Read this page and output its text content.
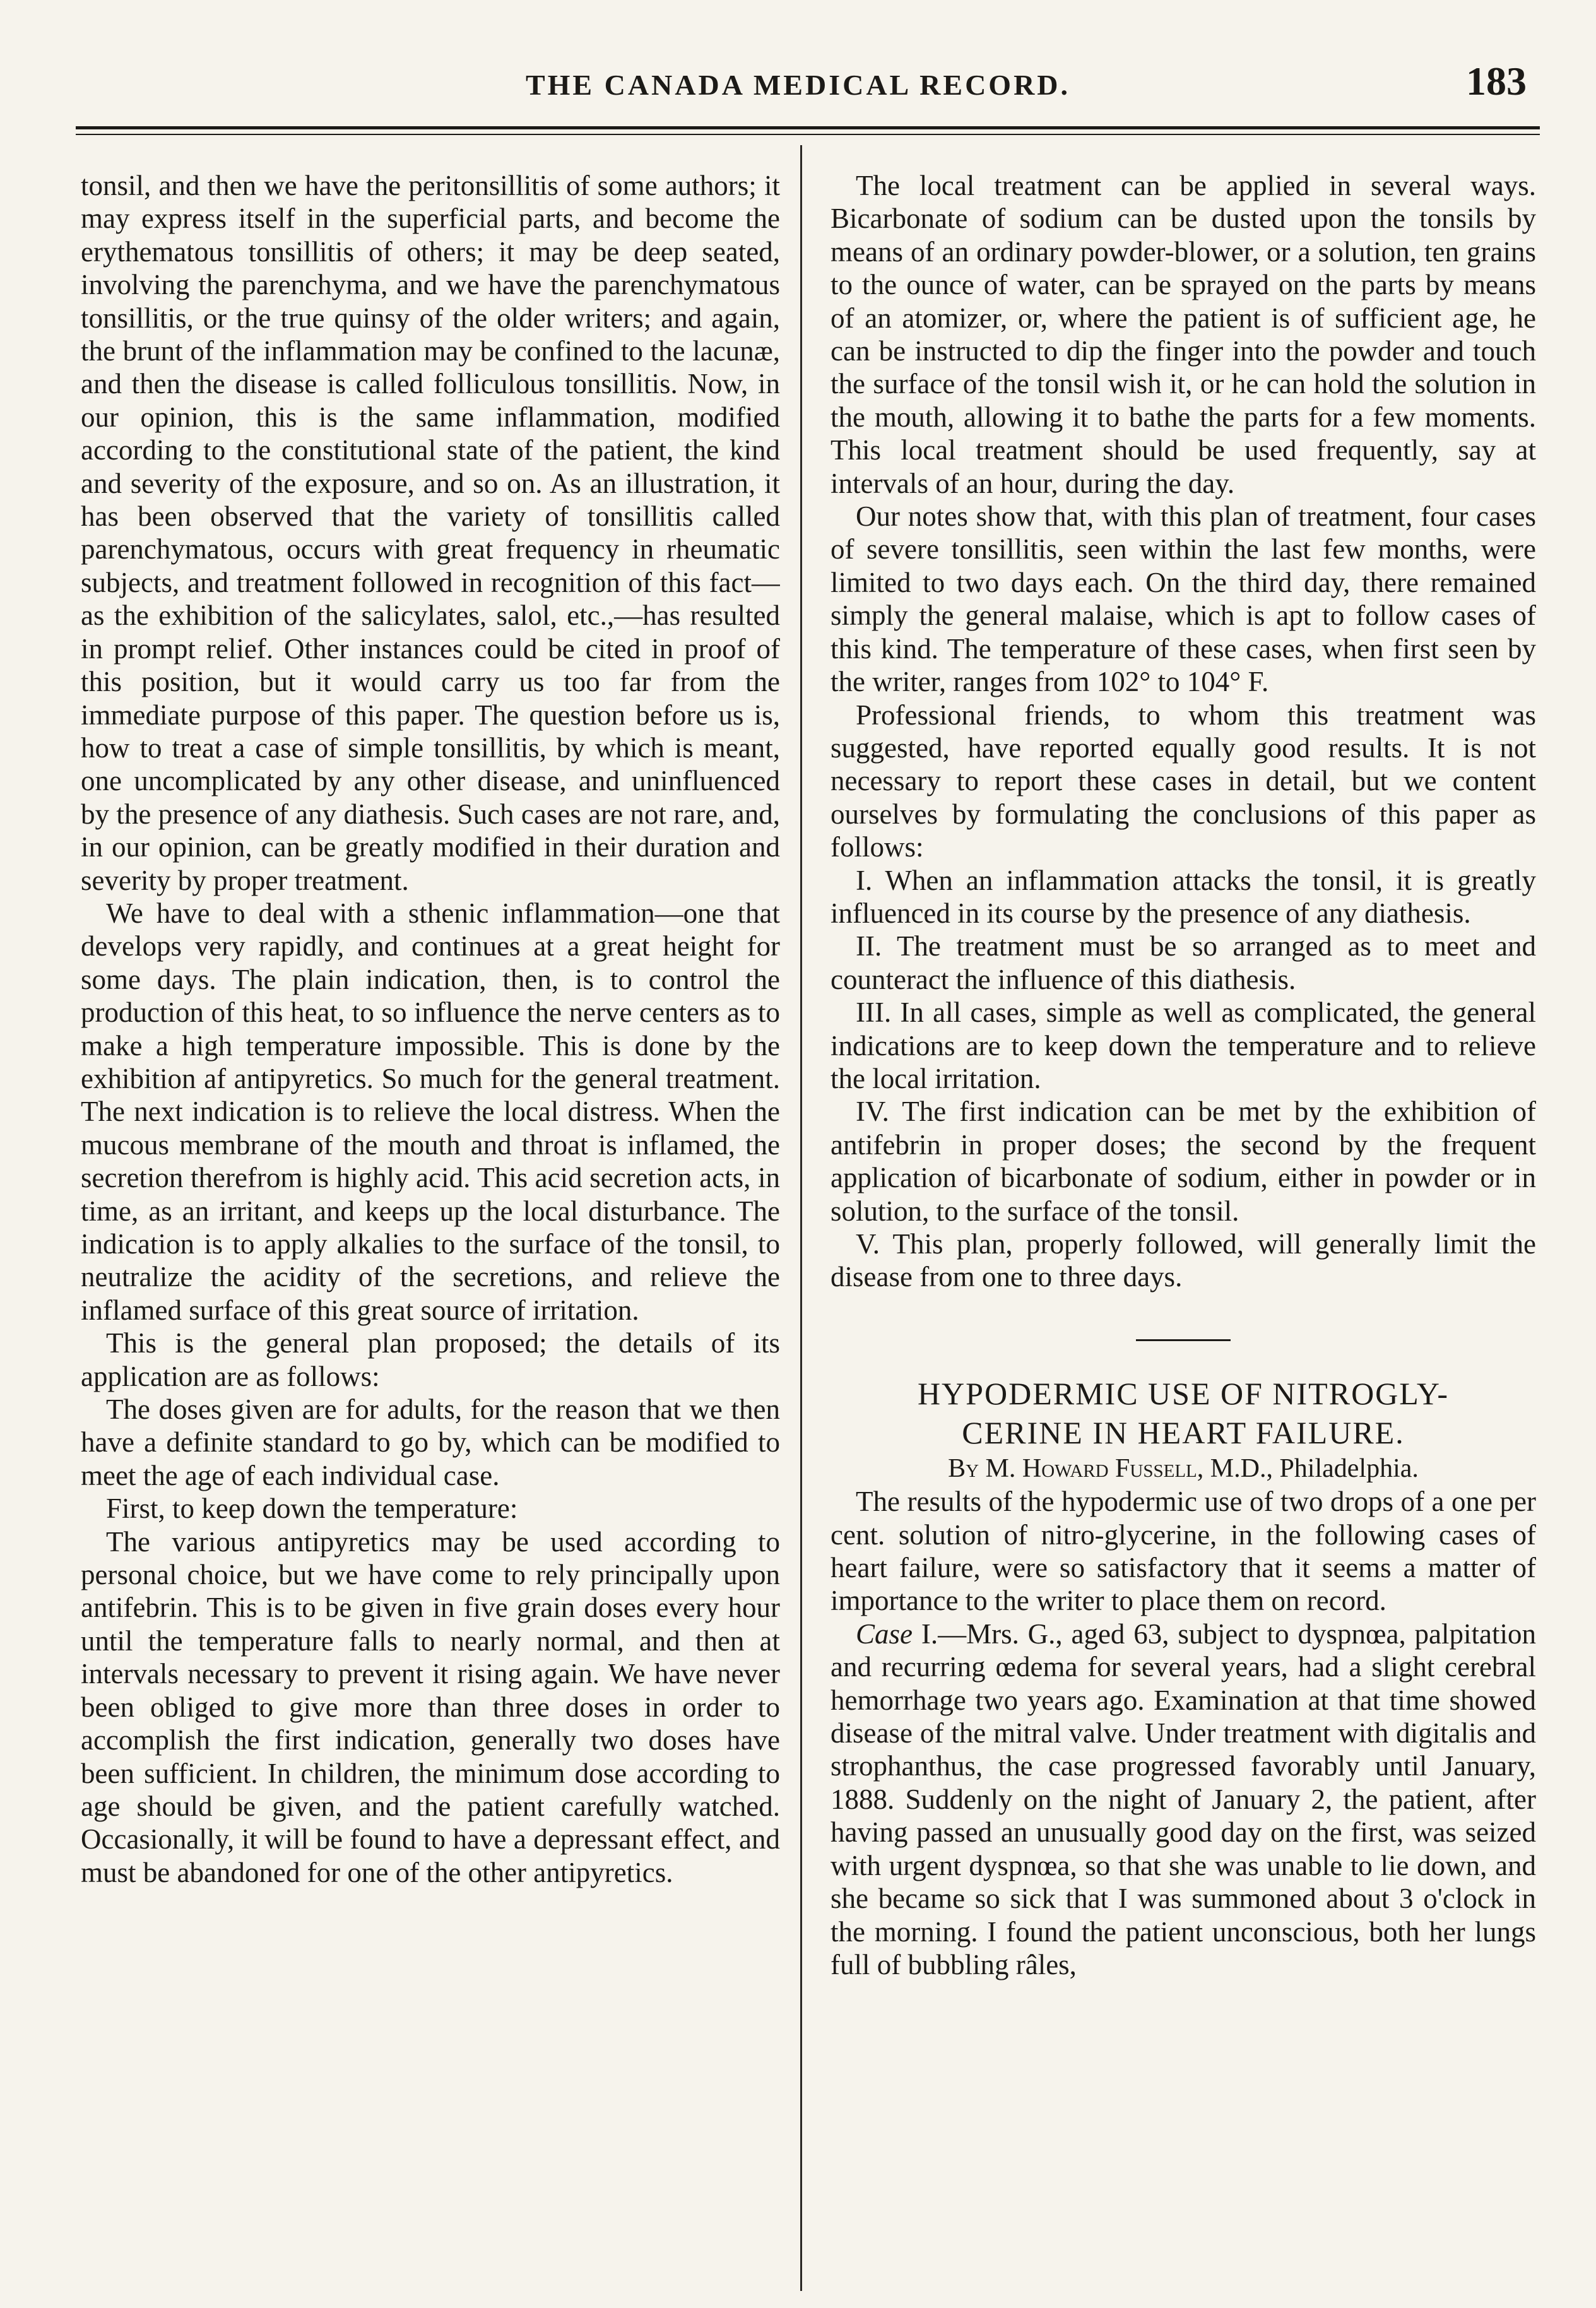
THE CANADA MEDICAL RECORD.	183

tonsil, and then we have the peritonsillitis of some authors; it may express itself in the superficial parts, and become the erythematous tonsillitis of others; it may be deep seated, involving the parenchyma, and we have the parenchymatous tonsillitis, or the true quinsy of the older writers; and again, the brunt of the inflammation may be confined to the lacunæ, and then the disease is called folliculous tonsillitis. Now, in our opinion, this is the same inflammation, modified according to the constitutional state of the patient, the kind and severity of the exposure, and so on. As an illustration, it has been observed that the variety of tonsillitis called parenchymatous, occurs with great frequency in rheumatic subjects, and treatment followed in recognition of this fact—as the exhibition of the salicylates, salol, etc.,—has resulted in prompt relief. Other instances could be cited in proof of this position, but it would carry us too far from the immediate purpose of this paper. The question before us is, how to treat a case of simple tonsillitis, by which is meant, one uncomplicated by any other disease, and uninfluenced by the presence of any diathesis. Such cases are not rare, and, in our opinion, can be greatly modified in their duration and severity by proper treatment.

We have to deal with a sthenic inflammation—one that develops very rapidly, and continues at a great height for some days. The plain indication, then, is to control the production of this heat, to so influence the nerve centers as to make a high temperature impossible. This is done by the exhibition af antipyretics. So much for the general treatment. The next indication is to relieve the local distress. When the mucous membrane of the mouth and throat is inflamed, the secretion therefrom is highly acid. This acid secretion acts, in time, as an irritant, and keeps up the local disturbance. The indication is to apply alkalies to the surface of the tonsil, to neutralize the acidity of the secretions, and relieve the inflamed surface of this great source of irritation.

This is the general plan proposed; the details of its application are as follows:

The doses given are for adults, for the reason that we then have a definite standard to go by, which can be modified to meet the age of each individual case.

First, to keep down the temperature:

The various antipyretics may be used according to personal choice, but we have come to rely principally upon antifebrin. This is to be given in five grain doses every hour until the temperature falls to nearly normal, and then at intervals necessary to prevent it rising again. We have never been obliged to give more than three doses in order to accomplish the first indication, generally two doses have been sufficient. In children, the minimum dose according to age should be given, and the patient carefully watched. Occasionally, it will be found to have a depressant effect, and must be abandoned for one of the other antipyretics.

The local treatment can be applied in several ways. Bicarbonate of sodium can be dusted upon the tonsils by means of an ordinary powder-blower, or a solution, ten grains to the ounce of water, can be sprayed on the parts by means of an atomizer, or, where the patient is of sufficient age, he can be instructed to dip the finger into the powder and touch the surface of the tonsil wish it, or he can hold the solution in the mouth, allowing it to bathe the parts for a few moments. This local treatment should be used frequently, say at intervals of an hour, during the day.

Our notes show that, with this plan of treatment, four cases of severe tonsillitis, seen within the last few months, were limited to two days each. On the third day, there remained simply the general malaise, which is apt to follow cases of this kind. The temperature of these cases, when first seen by the writer, ranges from 102° to 104° F.

Professional friends, to whom this treatment was suggested, have reported equally good results. It is not necessary to report these cases in detail, but we content ourselves by formulating the conclusions of this paper as follows:

I. When an inflammation attacks the tonsil, it is greatly influenced in its course by the presence of any diathesis.

II. The treatment must be so arranged as to meet and counteract the influence of this diathesis.

III. In all cases, simple as well as complicated, the general indications are to keep down the temperature and to relieve the local irritation.

IV. The first indication can be met by the exhibition of antifebrin in proper doses; the second by the frequent application of bicarbonate of sodium, either in powder or in solution, to the surface of the tonsil.

V. This plan, properly followed, will generally limit the disease from one to three days.

HYPODERMIC USE OF NITROGLY-
CERINE IN HEART FAILURE.

By M. Howard Fussell, M.D., Philadelphia.

The results of the hypodermic use of two drops of a one per cent. solution of nitro-glycerine, in the following cases of heart failure, were so satisfactory that it seems a matter of importance to the writer to place them on record.

Case I.—Mrs. G., aged 63, subject to dyspnœa, palpitation and recurring œdema for several years, had a slight cerebral hemorrhage two years ago. Examination at that time showed disease of the mitral valve. Under treatment with digitalis and strophanthus, the case progressed favorably until January, 1888. Suddenly on the night of January 2, the patient, after having passed an unusually good day on the first, was seized with urgent dyspnœa, so that she was unable to lie down, and she became so sick that I was summoned about 3 o'clock in the morning. I found the patient unconscious, both her lungs full of bubbling râles,
